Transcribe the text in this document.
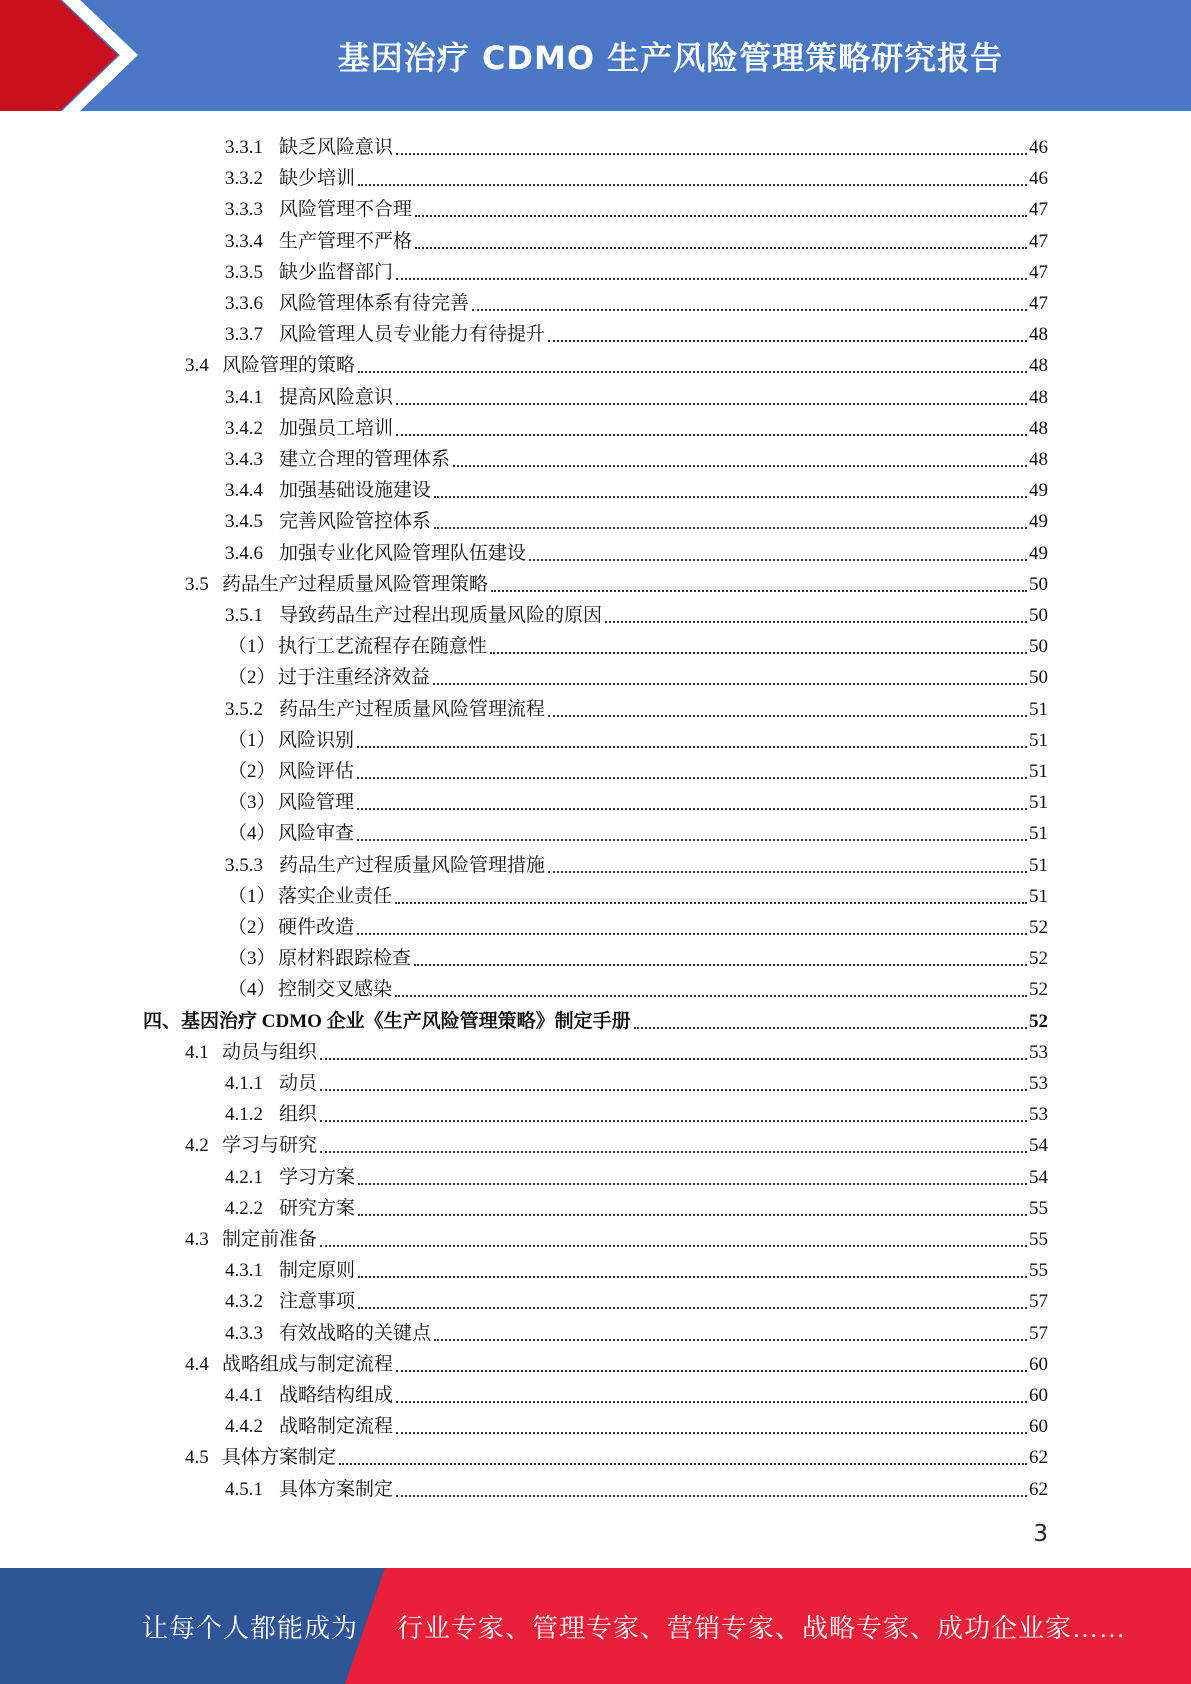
基因治疗 CDMO 生产风险管理策略研究报告
3.3.1 缺乏风险意识	46
3.3.2 缺少培训	46
3.3.3 风险管理不合理	47
3.3.4 生产管理不严格	47
3.3.5 缺少监督部门	47
3.3.6 风险管理体系有待完善	47
3.3.7 风险管理人员专业能力有待提升	48
3.4 风险管理的策略	48
3.4.1 提高风险意识	48
3.4.2 加强员工培训	48
3.4.3 建立合理的管理体系	48
3.4.4 加强基础设施建设	49
3.4.5 完善风险管控体系	49
3.4.6 加强专业化风险管理队伍建设	49
3.5 药品生产过程质量风险管理策略	50
3.5.1 导致药品生产过程出现质量风险的原因	50
（1） 执行工艺流程存在随意性	50
（2） 过于注重经济效益	50
3.5.2 药品生产过程质量风险管理流程	51
（1） 风险识别	51
（2） 风险评估	51
（3） 风险管理	51
（4） 风险审查	51
3.5.3 药品生产过程质量风险管理措施	51
（1） 落实企业责任	51
（2） 硬件改造	52
（3） 原材料跟踪检查	52
（4） 控制交叉感染	52
四、基因治疗 CDMO 企业《生产风险管理策略》制定手册	52
4.1 动员与组织	53
4.1.1 动员	53
4.1.2 组织	53
4.2 学习与研究	54
4.2.1 学习方案	54
4.2.2 研究方案	55
4.3 制定前准备	55
4.3.1 制定原则	55
4.3.2 注意事项	57
4.3.3 有效战略的关键点	57
4.4 战略组成与制定流程	60
4.4.1 战略结构组成	60
4.4.2 战略制定流程	60
4.5 具体方案制定	62
4.5.1 具体方案制定	62
3
让每个人都能成为 行业专家、管理专家、营销专家、战略专家、成功企业家……
